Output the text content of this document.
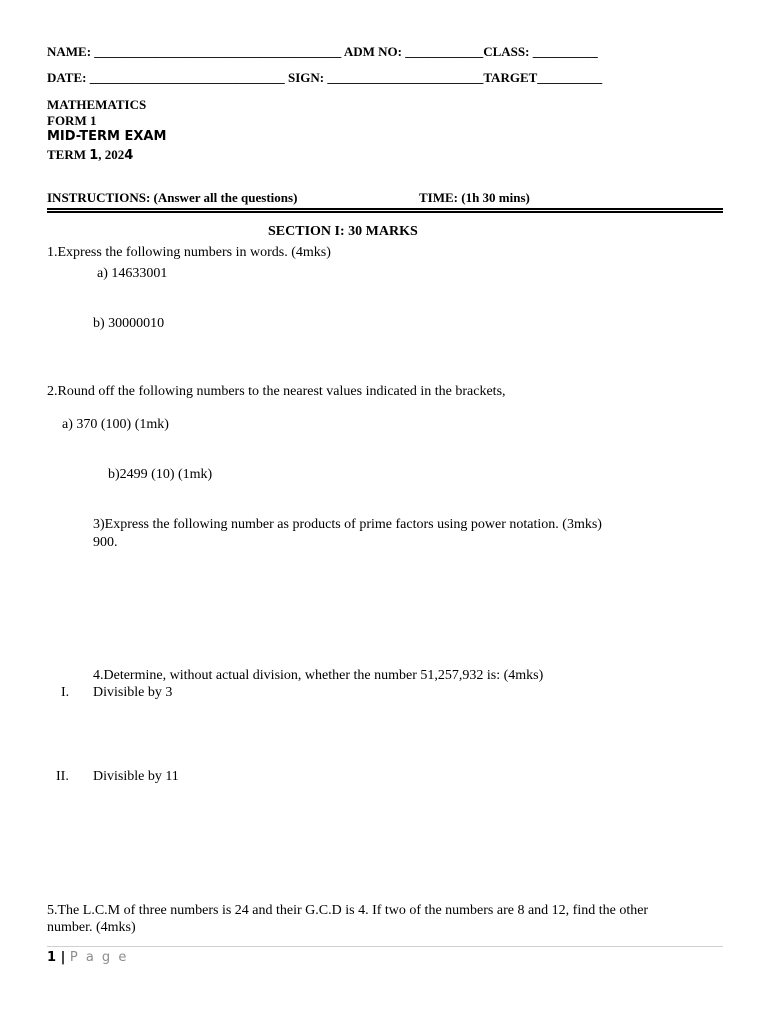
NAME: ______________________________________ ADM NO: ____________CLASS: __________
DATE: ______________________________ SIGN: ________________________TARGET__________
MATHEMATICS
FORM 1
MID-TERM EXAM
TERM 1, 2024
INSTRUCTIONS: (Answer all the questions)	TIME: (1h 30 mins)
SECTION I: 30 MARKS
1.Express the following numbers in words. (4mks)
a) 14633001
b) 30000010
2.Round off the following numbers to the nearest values indicated in the brackets,
a) 370 (100) (1mk)
b)2499 (10) (1mk)
3)Express the following number as products of prime factors using power notation. (3mks)
900.
4.Determine, without actual division, whether the number 51,257,932 is: (4mks)
I. Divisible by 3
II. Divisible by 11
5.The L.C.M of three numbers is 24 and their G.C.D is 4. If two of the numbers are 8 and 12, find the other
number. (4mks)
1 | P a g e
